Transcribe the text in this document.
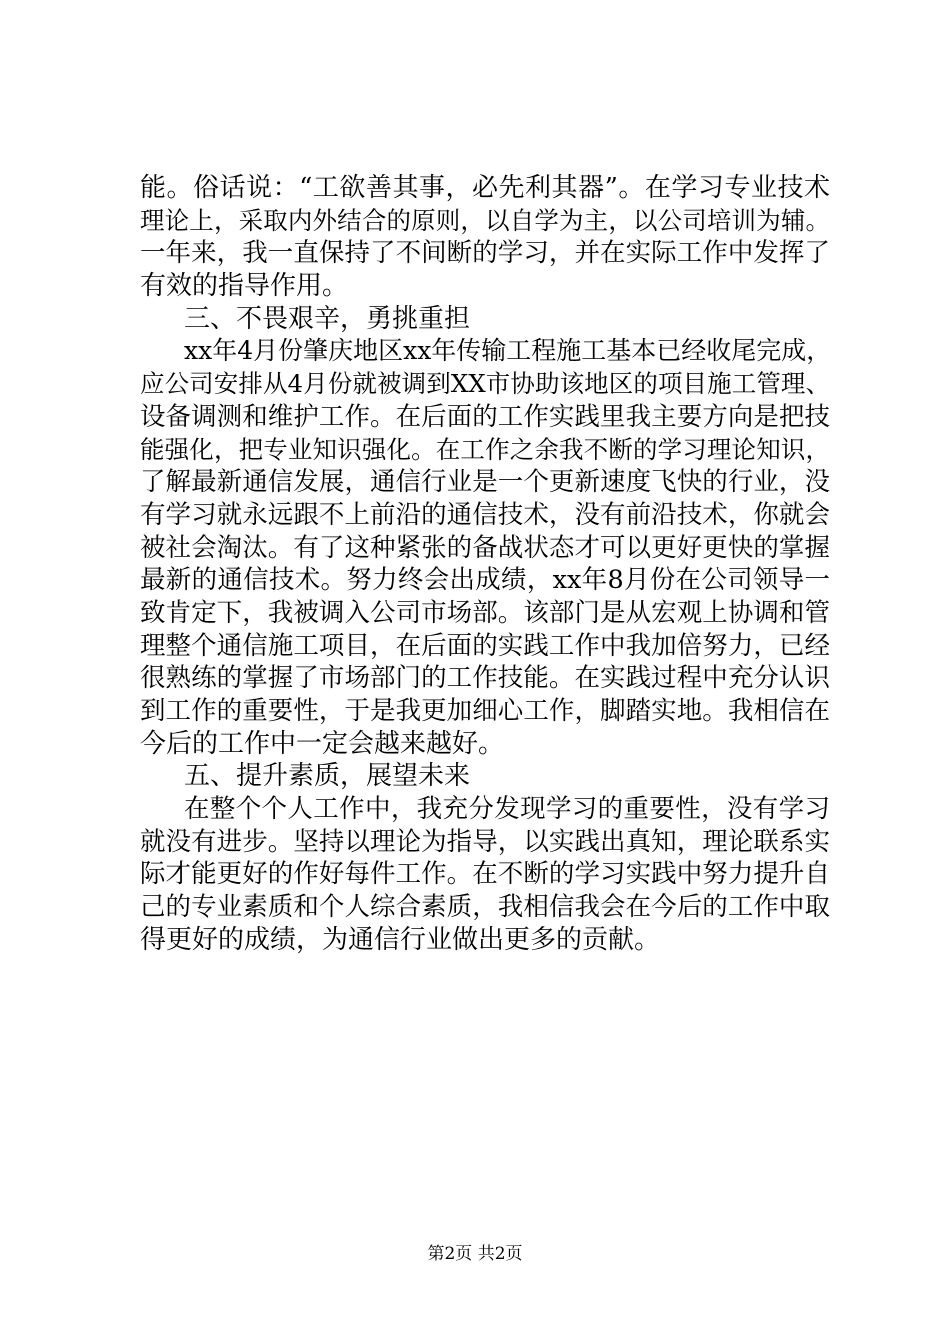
能。俗话说：“工欲善其事，必先利其器”。在学习专业技术
理论上，采取内外结合的原则，以自学为主，以公司培训为辅。
一年来，我一直保持了不间断的学习，并在实际工作中发挥了
有效的指导作用。
三、不畏艰辛，勇挑重担
xx年4月份肇庆地区xx年传输工程施工基本已经收尾完成，
应公司安排从4月份就被调到XX市协助该地区的项目施工管理、
设备调测和维护工作。在后面的工作实践里我主要方向是把技
能强化，把专业知识强化。在工作之余我不断的学习理论知识，
了解最新通信发展，通信行业是一个更新速度飞快的行业，没
有学习就永远跟不上前沿的通信技术，没有前沿技术，你就会
被社会淘汰。有了这种紧张的备战状态才可以更好更快的掌握
最新的通信技术。努力终会出成绩，xx年8月份在公司领导一
致肯定下，我被调入公司市场部。该部门是从宏观上协调和管
理整个通信施工项目，在后面的实践工作中我加倍努力，已经
很熟练的掌握了市场部门的工作技能。在实践过程中充分认识
到工作的重要性，于是我更加细心工作，脚踏实地。我相信在
今后的工作中一定会越来越好。
五、提升素质，展望未来
在整个个人工作中，我充分发现学习的重要性，没有学习
就没有进步。坚持以理论为指导，以实践出真知，理论联系实
际才能更好的作好每件工作。在不断的学习实践中努力提升自
己的专业素质和个人综合素质，我相信我会在今后的工作中取
得更好的成绩，为通信行业做出更多的贡献。
第2页 共2页
